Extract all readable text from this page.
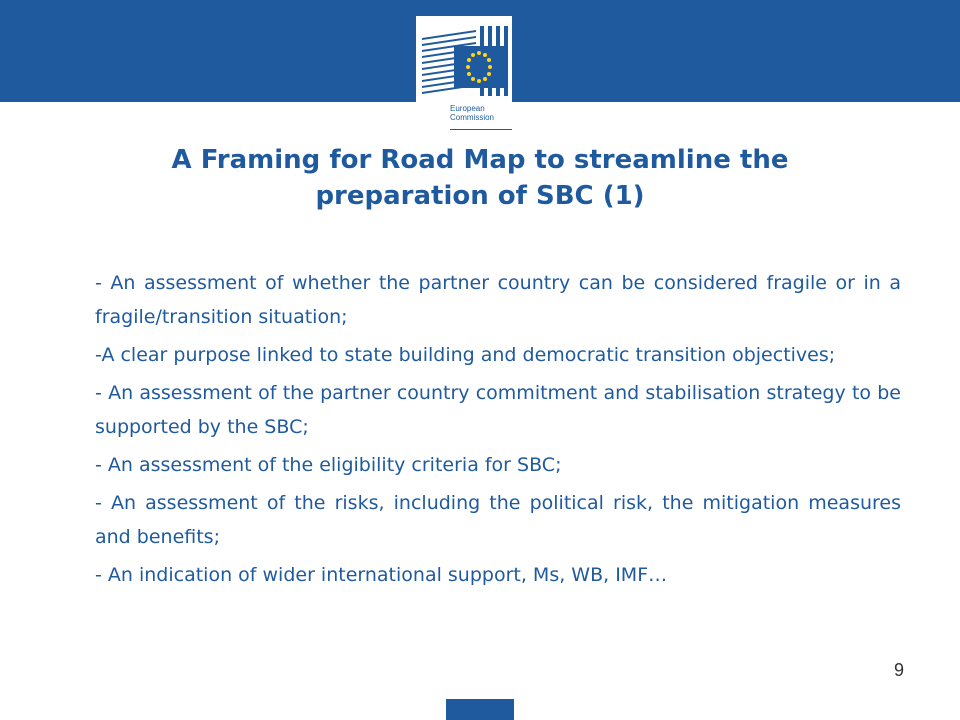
European
Commission
A Framing for Road Map to streamline the preparation of SBC (1)
- An assessment of whether the partner country can be considered fragile or in a fragile/transition situation;
-A clear purpose linked to state building and democratic transition objectives;
- An assessment of the partner country commitment and stabilisation strategy to be supported by the SBC;
- An assessment of the eligibility criteria for SBC;
- An assessment of the risks, including the political risk, the mitigation measures and benefits;
- An indication of wider international support, Ms, WB, IMF…
9
